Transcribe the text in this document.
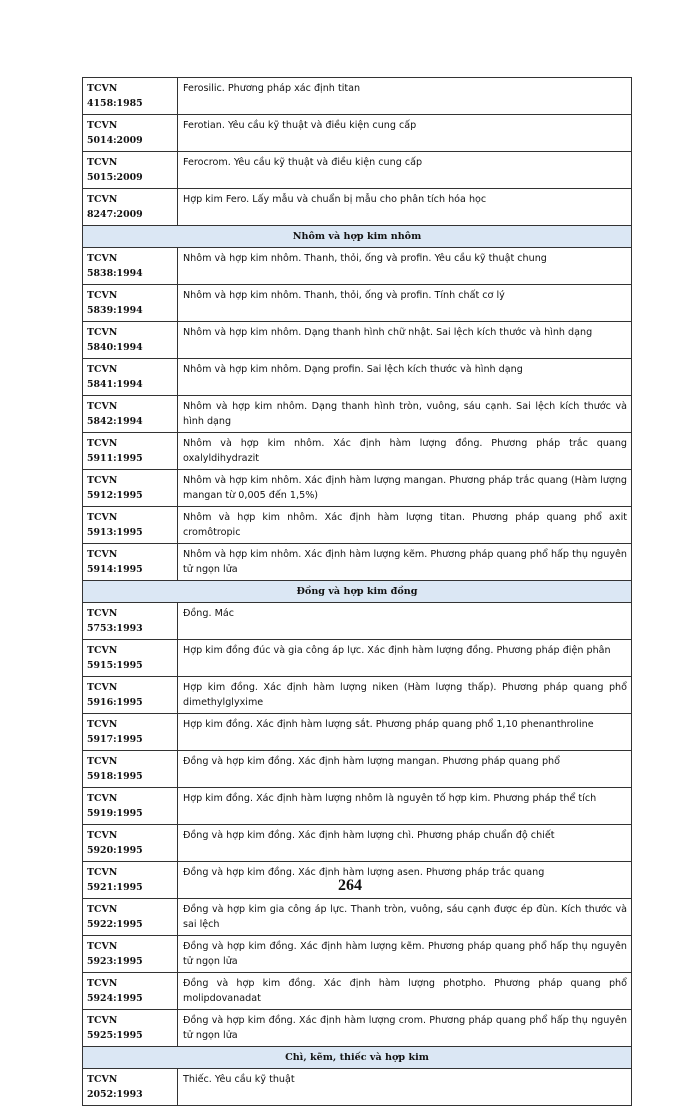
TCVN 4158:1985	Ferosilic. Phương pháp xác định titan
TCVN 5014:2009	Ferotian. Yêu cầu kỹ thuật và điều kiện cung cấp
TCVN 5015:2009	Ferocrom. Yêu cầu kỹ thuật và điều kiện cung cấp
TCVN 8247:2009	Hợp kim Fero. Lấy mẫu và chuẩn bị mẫu cho phân tích hóa học
Nhôm và hợp kim nhôm	
TCVN 5838:1994	Nhôm và hợp kim nhôm. Thanh, thỏi, ống và profin. Yêu cầu kỹ thuật chung
TCVN 5839:1994	Nhôm và hợp kim nhôm. Thanh, thỏi, ống và profin. Tính chất cơ lý
TCVN 5840:1994	Nhôm và hợp kim nhôm. Dạng thanh hình chữ nhật. Sai lệch kích thước và hình dạng
TCVN 5841:1994	Nhôm và hợp kim nhôm. Dạng profin. Sai lệch kích thước và hình dạng
TCVN 5842:1994	Nhôm và hợp kim nhôm. Dạng thanh hình tròn, vuông, sáu cạnh. Sai lệch kích thước và hình dạng
TCVN 5911:1995	Nhôm và hợp kim nhôm. Xác định hàm lượng đồng. Phương pháp trắc quang oxalyldihydrazit
TCVN 5912:1995	Nhôm và hợp kim nhôm. Xác định hàm lượng mangan. Phương pháp trắc quang (Hàm lượng mangan từ 0,005 đến 1,5%)
TCVN 5913:1995	Nhôm và hợp kim nhôm. Xác định hàm lượng titan. Phương pháp quang phổ axit cromôtropic
TCVN 5914:1995	Nhôm và hợp kim nhôm. Xác định hàm lượng kẽm. Phương pháp quang phổ hấp thụ nguyên tử ngọn lửa
Đồng và hợp kim đồng	
TCVN 5753:1993	Đồng. Mác
TCVN 5915:1995	Hợp kim đồng đúc và gia công áp lực. Xác định hàm lượng đồng. Phương pháp điện phân
TCVN 5916:1995	Hợp kim đồng. Xác định hàm lượng niken (Hàm lượng thấp). Phương pháp quang phổ dimethylglyxime
TCVN 5917:1995	Hợp kim đồng. Xác định hàm lượng sắt. Phương pháp quang phổ 1,10 phenanthroline
TCVN 5918:1995	Đồng và hợp kim đồng. Xác định hàm lượng mangan. Phương pháp quang phổ
TCVN 5919:1995	Hợp kim đồng. Xác định hàm lượng nhôm là nguyên tố hợp kim. Phương pháp thể tích
TCVN 5920:1995	Đồng và hợp kim đồng. Xác định hàm lượng chì. Phương pháp chuẩn độ chiết
TCVN 5921:1995	Đồng và hợp kim đồng. Xác định hàm lượng asen. Phương pháp trắc quang
TCVN 5922:1995	Đồng và hợp kim gia công áp lực. Thanh tròn, vuông, sáu cạnh được ép đùn. Kích thước và sai lệch
TCVN 5923:1995	Đồng và hợp kim đồng. Xác định hàm lượng kẽm. Phương pháp quang phổ hấp thụ nguyên tử ngọn lửa
TCVN 5924:1995	Đồng và hợp kim đồng. Xác định hàm lượng photpho. Phương pháp quang phổ molipdovanadat
TCVN 5925:1995	Đồng và hợp kim đồng. Xác định hàm lượng crom. Phương pháp quang phổ hấp thụ nguyên tử ngọn lửa
Chì, kẽm, thiếc và hợp kim	
TCVN 2052:1993	Thiếc. Yêu cầu kỹ thuật
264
